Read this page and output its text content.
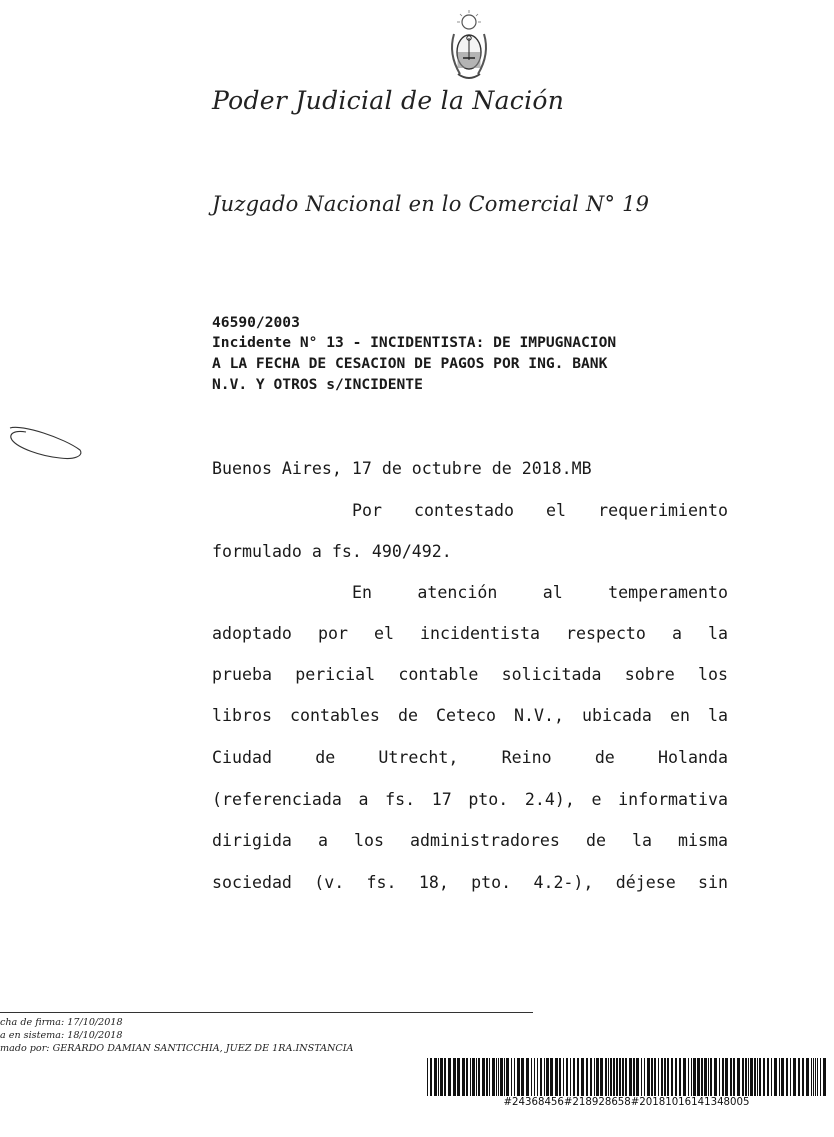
Poder Judicial de la Nación
Juzgado Nacional en lo Comercial N° 19
46590/2003
Incidente N° 13 - INCIDENTISTA: DE IMPUGNACION
A LA FECHA DE CESACION DE PAGOS POR ING. BANK
N.V. Y OTROS s/INCIDENTE
Buenos Aires, 17 de octubre de 2018.MB
Por contestado el requerimiento
formulado a fs. 490/492.
En atención al temperamento
adoptado por el incidentista respecto a la
prueba pericial contable solicitada sobre los
libros contables de Ceteco N.V., ubicada en la
Ciudad de Utrecht, Reino de Holanda
(referenciada a fs. 17 pto. 2.4), e informativa
dirigida a los administradores de la misma
sociedad (v. fs. 18, pto. 4.2-), déjese sin
cha de firma: 17/10/2018
a en sistema: 18/10/2018
mado por: GERARDO DAMIAN SANTICCHIA, JUEZ DE 1RA.INSTANCIA
#24368456#218928658#20181016141348005
